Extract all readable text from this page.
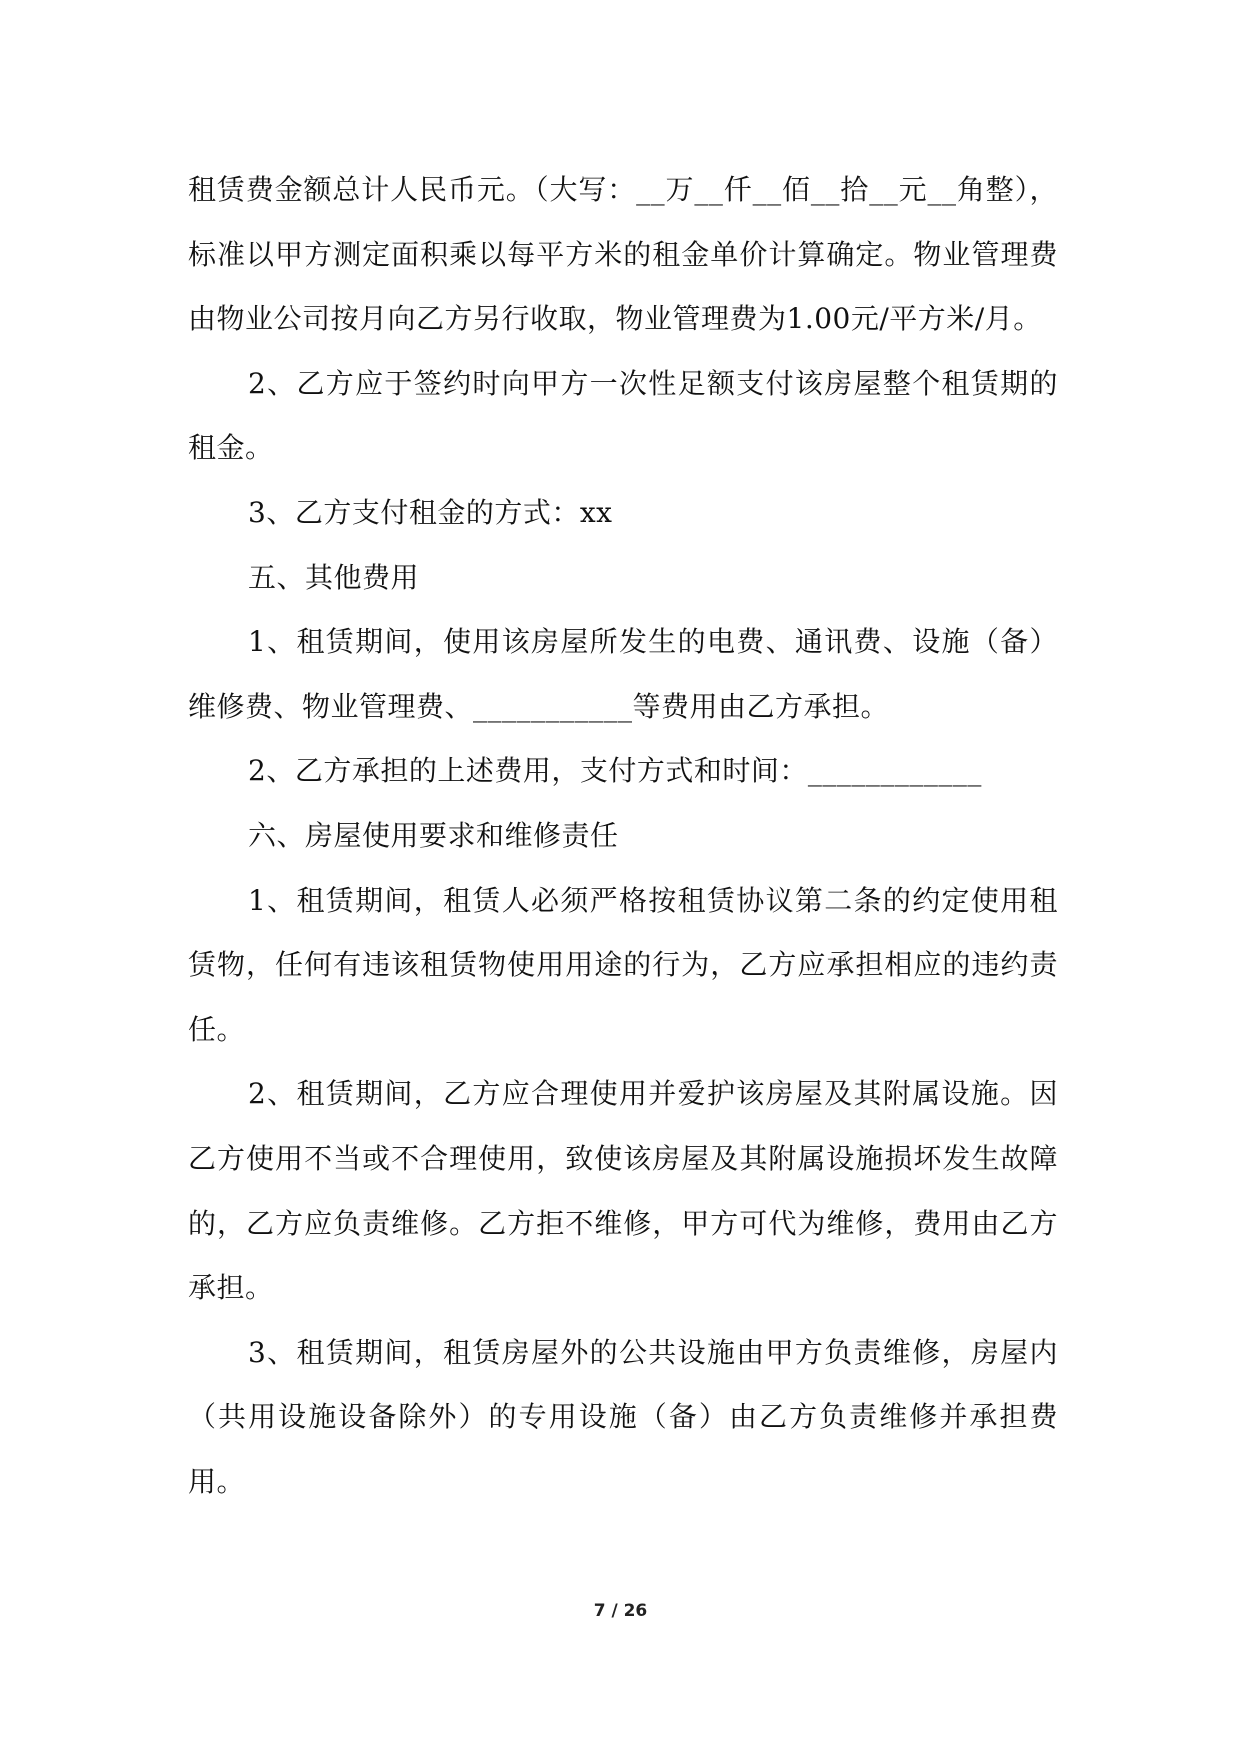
租赁费金额总计人民币元。（大写：__万__仟__佰__拾__元__角整），标准以甲方测定面积乘以每平方米的租金单价计算确定。物业管理费由物业公司按月向乙方另行收取，物业管理费为1.00元/平方米/月。

2、乙方应于签约时向甲方一次性足额支付该房屋整个租赁期的租金。

3、乙方支付租金的方式：xx

五、其他费用

1、租赁期间，使用该房屋所发生的电费、通讯费、设施（备）维修费、物业管理费、___________等费用由乙方承担。

2、乙方承担的上述费用，支付方式和时间：____________

六、房屋使用要求和维修责任

1、租赁期间，租赁人必须严格按租赁协议第二条的约定使用租赁物，任何有违该租赁物使用用途的行为，乙方应承担相应的违约责任。

2、租赁期间，乙方应合理使用并爱护该房屋及其附属设施。因乙方使用不当或不合理使用，致使该房屋及其附属设施损坏发生故障的，乙方应负责维修。乙方拒不维修，甲方可代为维修，费用由乙方承担。

3、租赁期间，租赁房屋外的公共设施由甲方负责维修，房屋内（共用设施设备除外）的专用设施（备）由乙方负责维修并承担费用。

7 / 26
